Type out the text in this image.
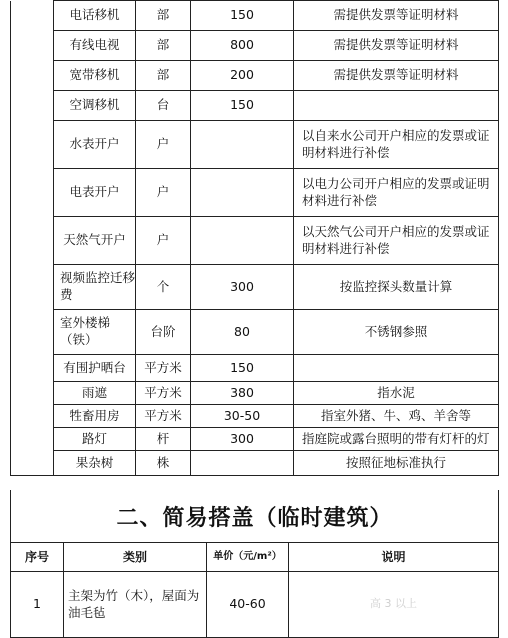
	电话移机	部	150	需提供发票等证明材料
	有线电视	部	800	需提供发票等证明材料
	宽带移机	部	200	需提供发票等证明材料
	空调移机	台	150	
	水表开户	户		以自来水公司开户相应的发票或证明材料进行补偿
	电表开户	户		以电力公司开户相应的发票或证明材料进行补偿
	天然气开户	户		以天然气公司开户相应的发票或证明材料进行补偿
	视频监控迁移费	个	300	按监控探头数量计算
	室外楼梯（铁）	台阶	80	不锈钢参照
	有围护晒台	平方米	150	
	雨遮	平方米	380	指水泥
	牲畜用房	平方米	30-50	指室外猪、牛、鸡、羊舍等
	路灯	杆	300	指庭院或露台照明的带有灯杆的灯
	果杂树	株		按照征地标准执行
二、简易搭盖（临时建筑）
序号	类别	单价（元/m²）	说明
1	主架为竹（木），屋面为油毛毡	40-60	高 3 以上
